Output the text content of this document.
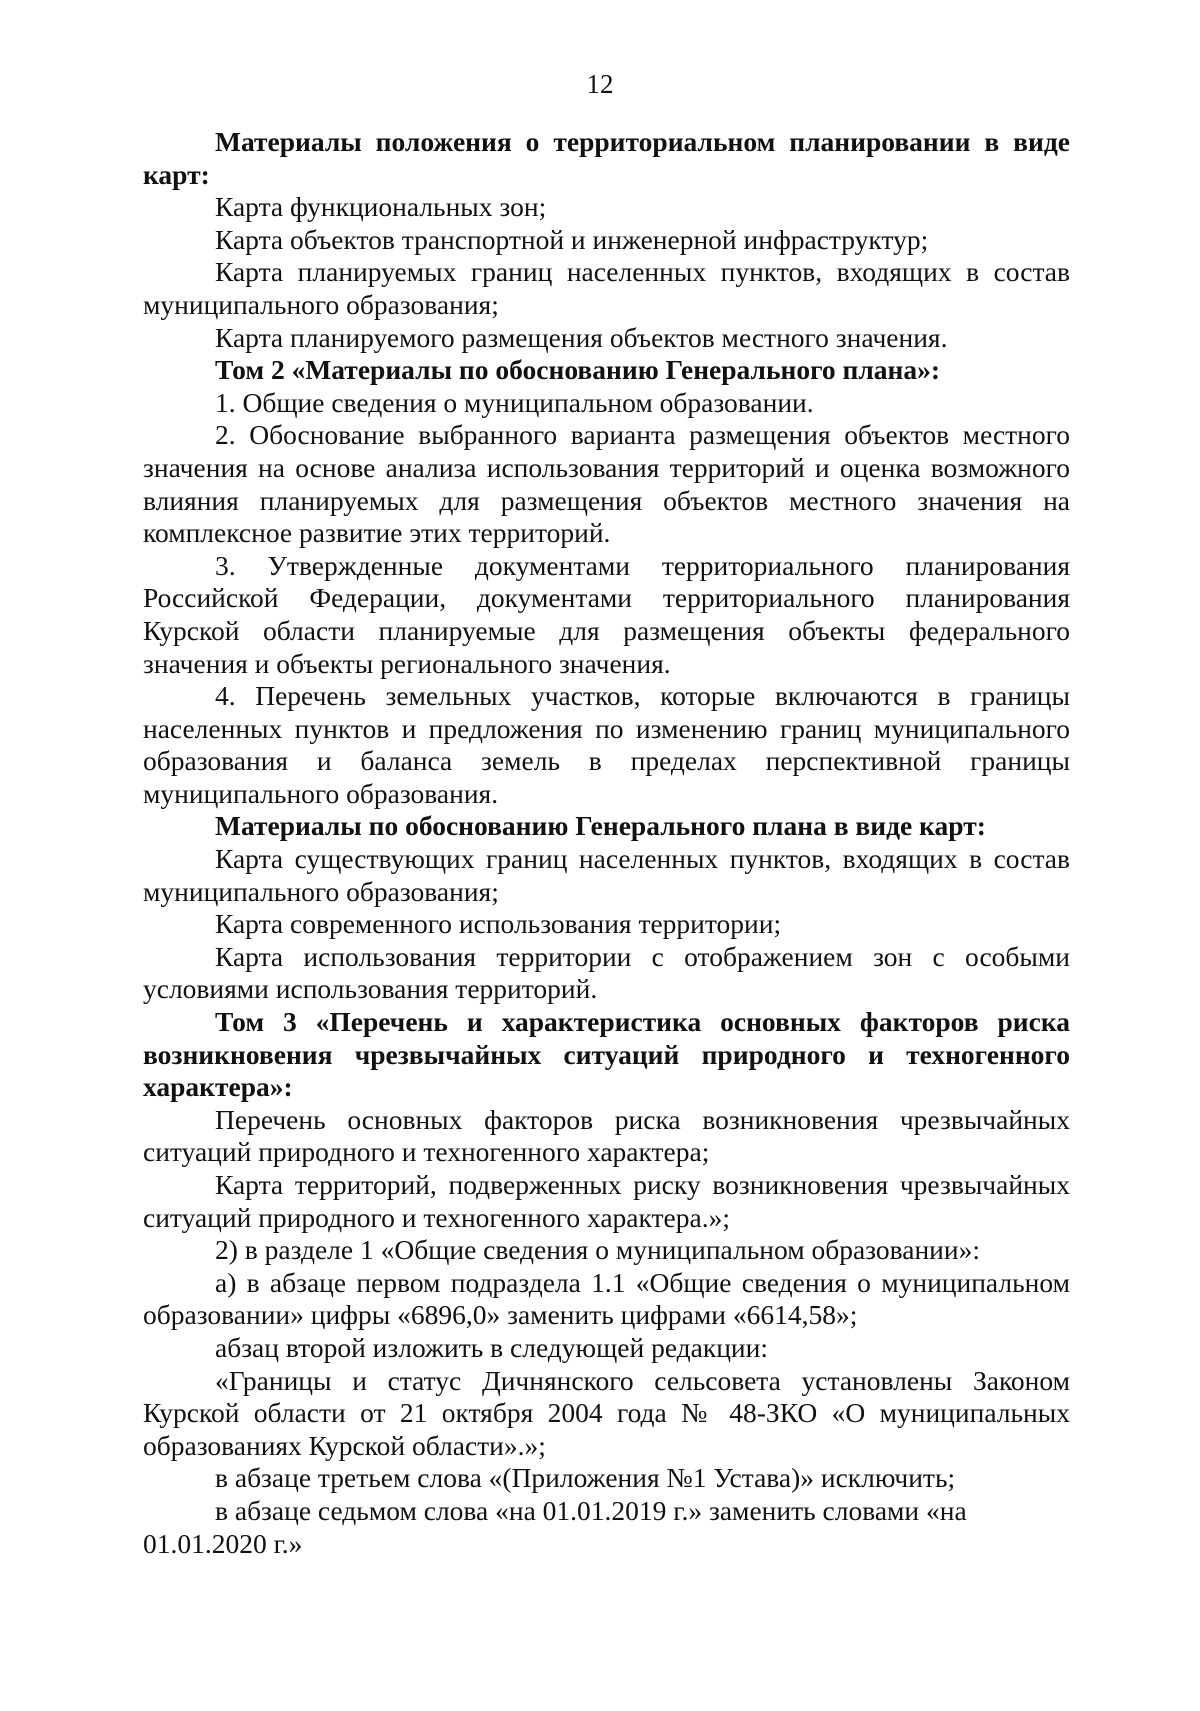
12

Материалы положения о территориальном планировании в виде карт:

Карта функциональных зон;

Карта объектов транспортной и инженерной инфраструктур;

Карта планируемых границ населенных пунктов, входящих в состав муниципального образования;

Карта планируемого размещения объектов местного значения.

Том 2 «Материалы по обоснованию Генерального плана»:

1. Общие сведения о муниципальном образовании.

2. Обоснование выбранного варианта размещения объектов местного значения на основе анализа использования территорий и оценка возможного влияния планируемых для размещения объектов местного значения на комплексное развитие этих территорий.

3. Утвержденные документами территориального планирования Российской Федерации, документами территориального планирования Курской области планируемые для размещения объекты федерального значения и объекты регионального значения.

4. Перечень земельных участков, которые включаются в границы населенных пунктов и предложения по изменению границ муниципального образования и баланса земель в пределах перспективной границы муниципального образования.

Материалы по обоснованию Генерального плана в виде карт:

Карта существующих границ населенных пунктов, входящих в состав муниципального образования;

Карта современного использования территории;

Карта использования территории с отображением зон с особыми условиями использования территорий.

Том 3 «Перечень и характеристика основных факторов риска возникновения чрезвычайных ситуаций природного и техногенного характера»:

Перечень основных факторов риска возникновения чрезвычайных ситуаций природного и техногенного характера;

Карта территорий, подверженных риску возникновения чрезвычайных ситуаций природного и техногенного характера.»;

2) в разделе 1 «Общие сведения о муниципальном образовании»:

а) в абзаце первом подраздела 1.1 «Общие сведения о муниципальном образовании» цифры «6896,0» заменить цифрами «6614,58»;

абзац второй изложить в следующей редакции:

«Границы и статус Дичнянского сельсовета установлены Законом Курской области от 21 октября 2004 года № 48-ЗКО «О муниципальных образованиях Курской области».»;

в абзаце третьем слова «(Приложения №1 Устава)» исключить;

в абзаце седьмом слова «на 01.01.2019 г.» заменить словами «на 01.01.2020 г.»
